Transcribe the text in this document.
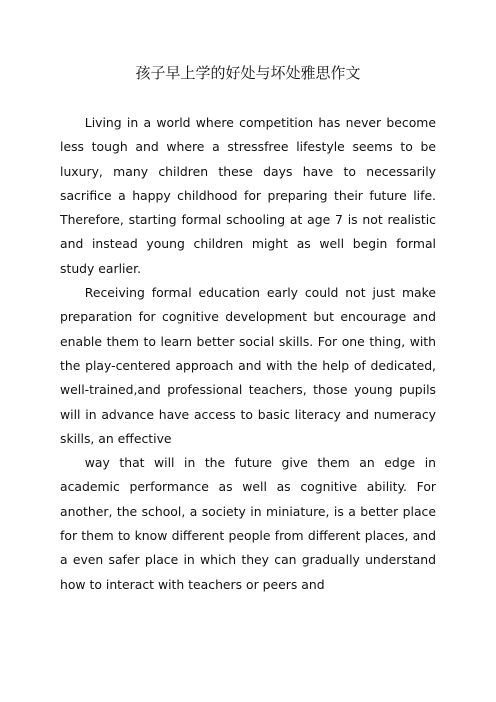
孩子早上学的好处与坏处雅思作文

Living in a world where competition has never become less tough and where a stressfree lifestyle seems to be luxury, many children these days have to necessarily sacrifice a happy childhood for preparing their future life. Therefore, starting formal schooling at age 7 is not realistic and instead young children might as well begin formal study earlier.

Receiving formal education early could not just make preparation for cognitive development but encourage and enable them to learn better social skills. For one thing, with the play-centered approach and with the help of dedicated, well-trained,and professional teachers, those young pupils will in advance have access to basic literacy and numeracy skills, an effective

way that will in the future give them an edge in academic performance as well as cognitive ability. For another, the school, a society in miniature, is a better place for them to know different people from different places, and a even safer place in which they can gradually understand how to interact with teachers or peers and
